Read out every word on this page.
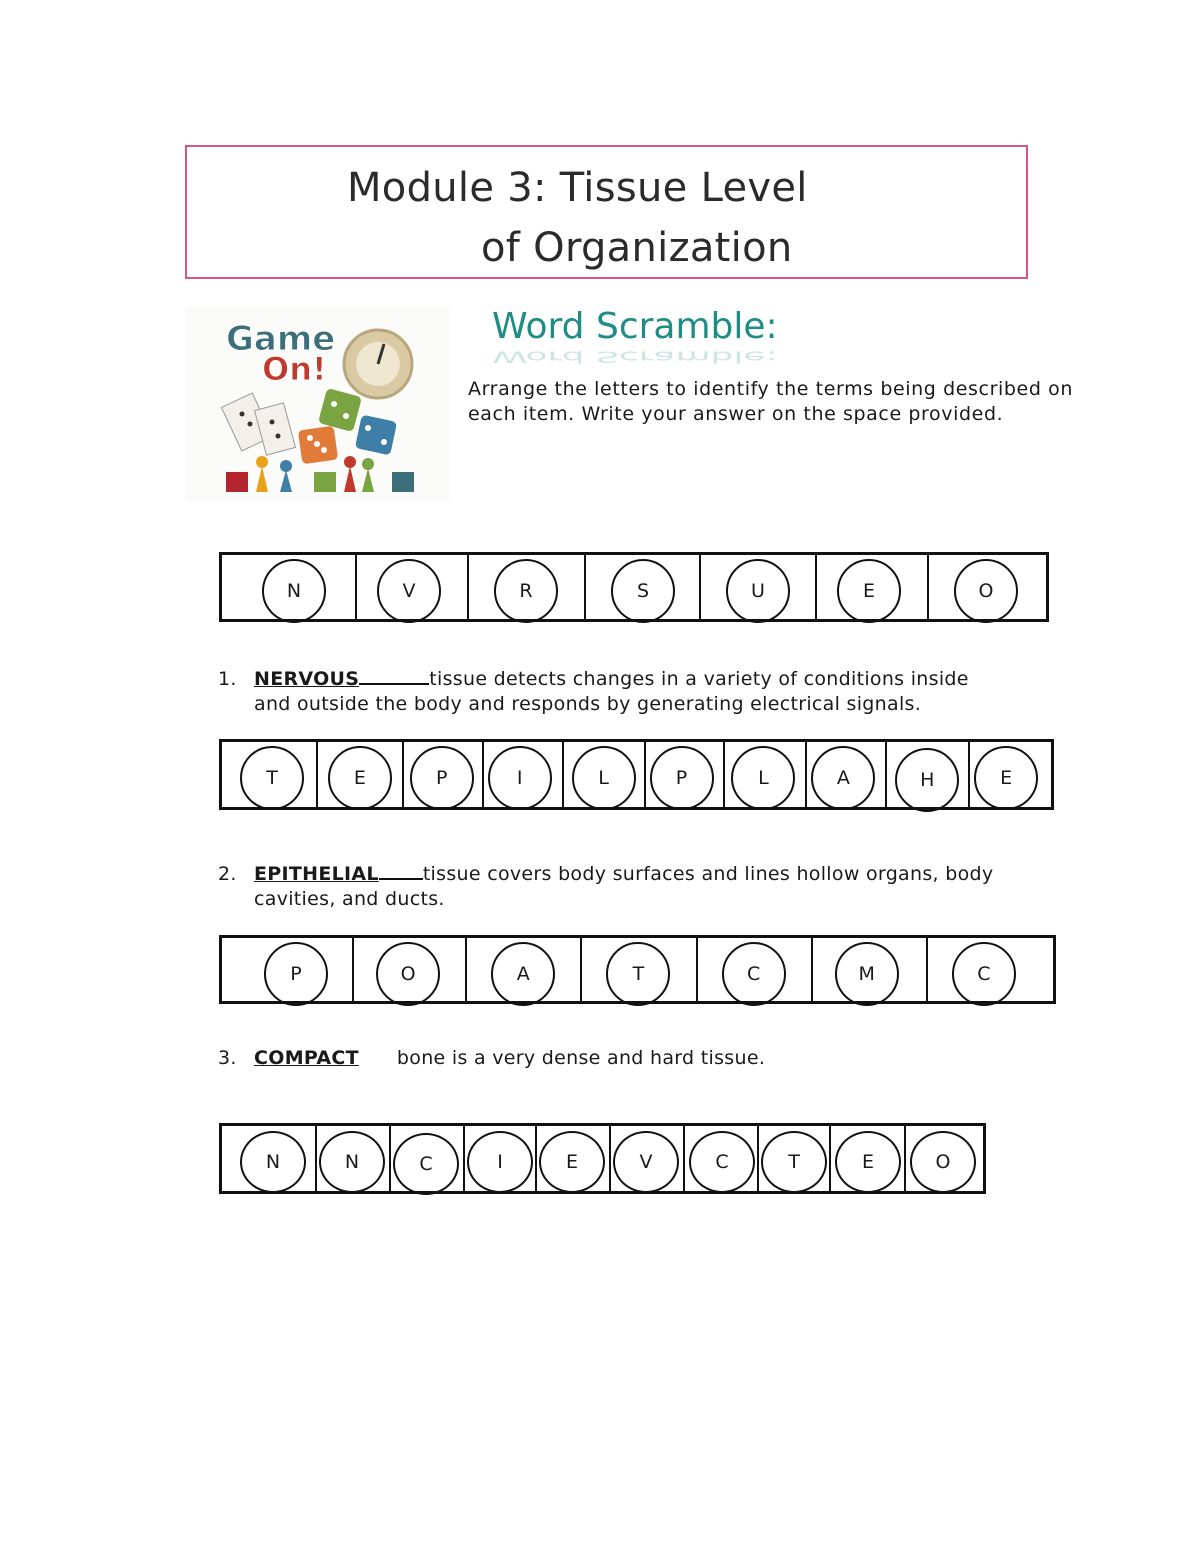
Module 3: Tissue Level
of Organization
Game
On!
Word Scramble:
Word Scramble:
Arrange the letters to identify the terms being described on each item. Write your answer on the space provided.
N	V	R	S	U	E	O
1. NERVOUS	tissue detects changes in a variety of conditions inside
and outside the body and responds by generating electrical signals.
T	E	P	I	L	P	L	A	H	E
2. EPITHELIAL tissue covers body surfaces and lines hollow organs, body
cavities, and ducts.
P	O	A	T	C	M	C
3. COMPACT bone is a very dense and hard tissue.
N	N	C	I	E	V	C	T	E	O
